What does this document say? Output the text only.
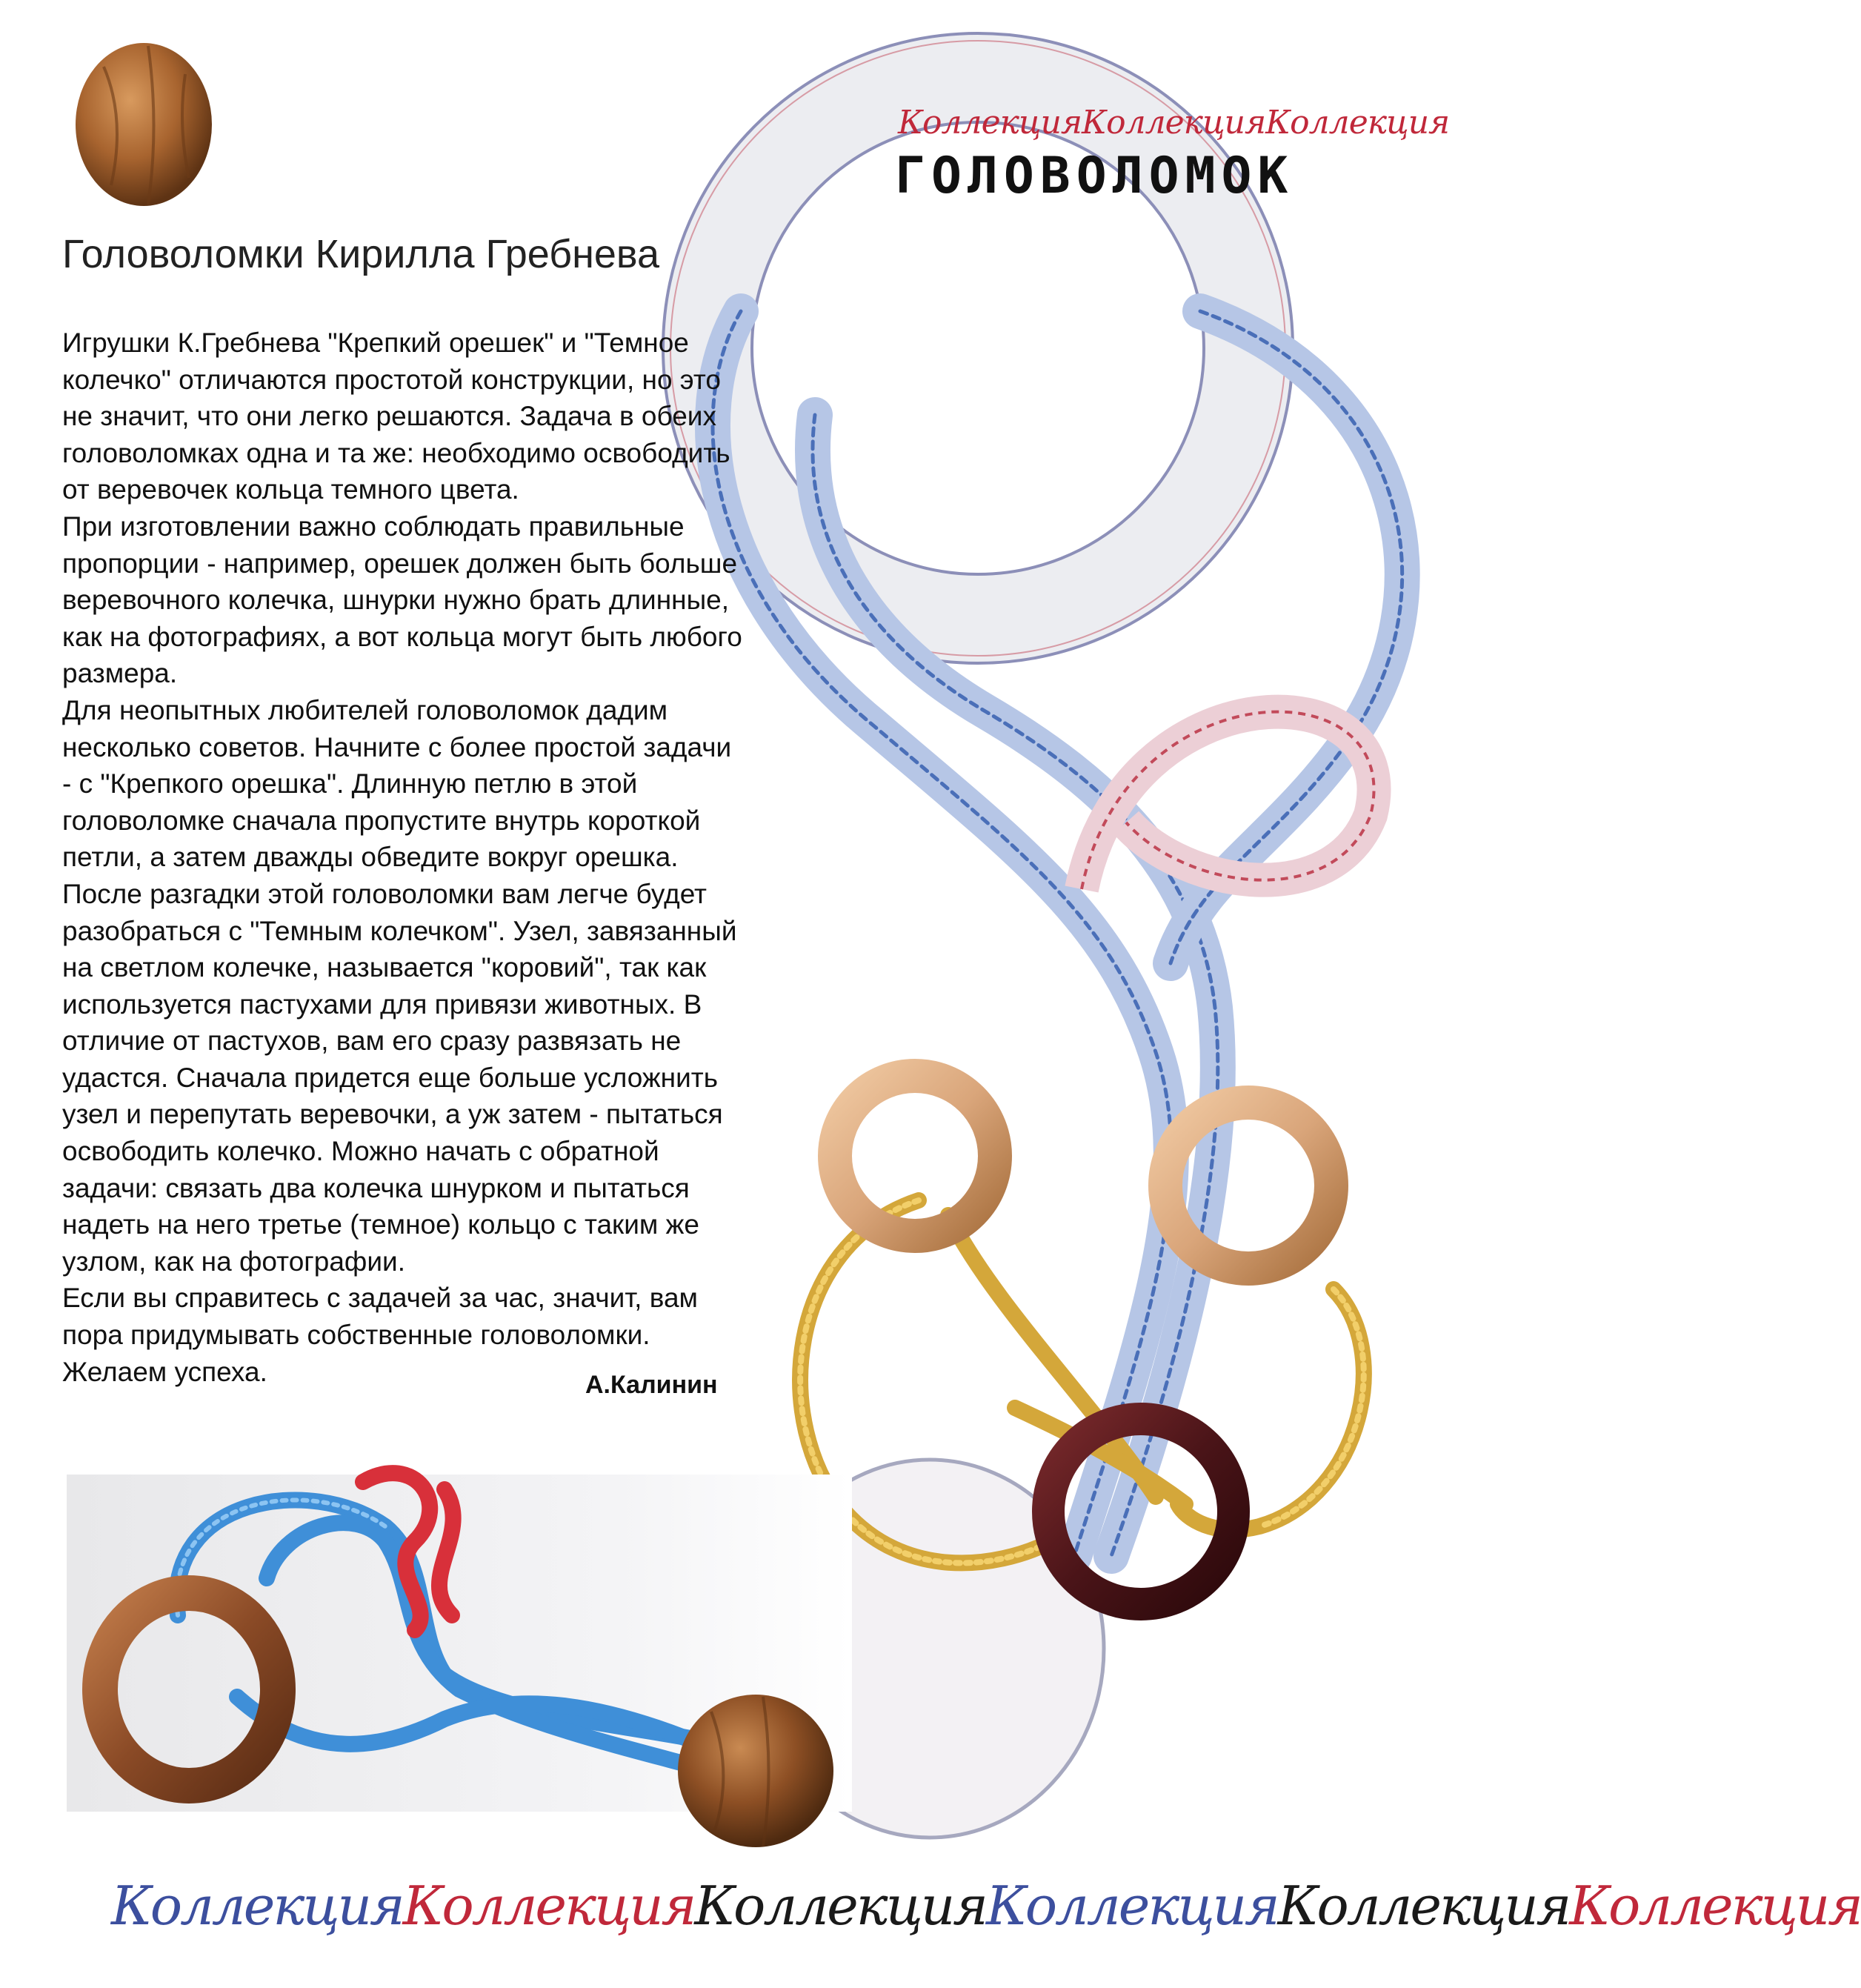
КоллекцияКоллекцияКоллекция
ГОЛОВОЛОМОК
Головоломки Кирилла Гребнева

Игрушки К.Гребнева "Крепкий орешек" и "Темное колечко" отличаются простотой конструкции, но это не значит, что они легко решаются. Задача в обеих головоломках одна и та же: необходимо освободить от веревочек кольца темного цвета.

При изготовлении важно соблюдать правильные пропорции - например, орешек должен быть больше веревочного колечка, шнурки нужно брать длинные, как на фотографиях, а вот кольца могут быть любого размера.

Для неопытных любителей головоломок дадим несколько советов. Начните с более простой задачи - с "Крепкого орешка". Длинную петлю в этой головоломке сначала пропустите внутрь короткой петли, а затем дважды обведите вокруг орешка. После разгадки этой головоломки вам легче будет разобраться с "Темным колечком". Узел, завязанный на светлом колечке, называется "коровий", так как используется пастухами для привязи животных. В отличие от пастухов, вам его сразу развязать не удастся. Сначала придется еще больше усложнить узел и перепутать веревочки, а уж затем - пытаться освободить колечко. Можно начать с обратной задачи: связать два колечка шнурком и пытаться надеть на него третье (темное) кольцо с таким же узлом, как на фотографии.

Если вы справитесь с задачей за час, значит, вам пора придумывать собственные головоломки. Желаем успеха.	А.Калинин
КоллекцияКоллекцияКоллекцияКоллекцияКоллекцияКоллекция
